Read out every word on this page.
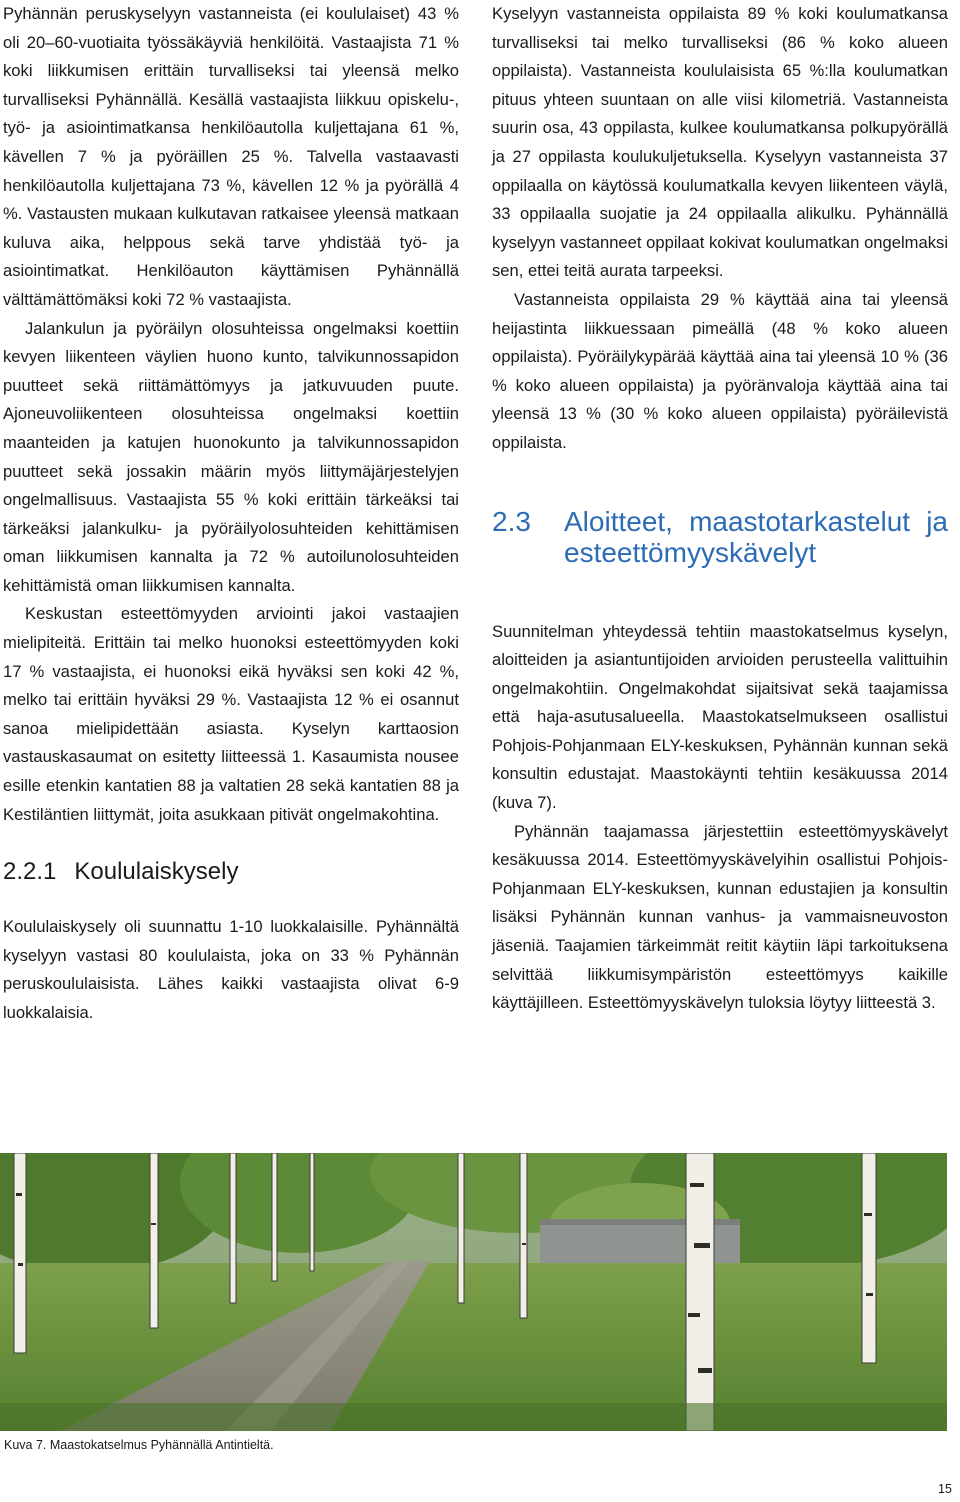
Pyhännän peruskyselyyn vastanneista (ei koululaiset) 43 % oli 20–60-vuotiaita työssäkäyviä henkilöitä. Vastaajista 71 % koki liikkumisen erittäin turvalliseksi tai yleensä melko turvalliseksi Pyhännällä. Kesällä vastaajista liikkuu opiskelu-, työ- ja asiointimatkansa henkilöautolla kuljettajana 61 %, kävellen 7 % ja pyöräillen 25 %. Talvella vastaavasti henkilöautolla kuljettajana 73 %, kävellen 12 % ja pyörällä 4 %. Vastausten mukaan kulkutavan ratkaisee yleensä matkaan kuluva aika, helppous sekä tarve yhdistää työ- ja asiointimatkat. Henkilöauton käyttämisen Pyhännällä välttämättömäksi koki 72 % vastaajista.

Jalankulun ja pyöräilyn olosuhteissa ongelmaksi koettiin kevyen liikenteen väylien huono kunto, talvikunnossapidon puutteet sekä riittämättömyys ja jatkuvuuden puute. Ajoneuvoliikenteen olosuhteissa ongelmaksi koettiin maanteiden ja katujen huonokunto ja talvikunnossapidon puutteet sekä jossakin määrin myös liittymäjärjestelyjen ongelmallisuus. Vastaajista 55 % koki erittäin tärkeäksi tai tärkeäksi jalankulku- ja pyöräilyolosuhteiden kehittämisen oman liikkumisen kannalta ja 72 % autoilunolosuhteiden kehittämistä oman liikkumisen kannalta.

Keskustan esteettömyyden arviointi jakoi vastaajien mielipiteitä. Erittäin tai melko huonoksi esteettömyyden koki 17 % vastaajista, ei huonoksi eikä hyväksi sen koki 42 %, melko tai erittäin hyväksi 29 %. Vastaajista 12 % ei osannut sanoa mielipidettään asiasta. Kyselyn karttaosion vastauskasaumat on esitetty liitteessä 1. Kasaumista nousee esille etenkin kantatien 88 ja valtatien 28 sekä kantatien 88 ja Kestiläntien liittymät, joita asukkaan pitivät ongelmakohtina.

2.2.1 Koululaiskysely

Koululaiskysely oli suunnattu 1-10 luokkalaisille. Pyhännältä kyselyyn vastasi 80 koululaista, joka on 33 % Pyhännän peruskoululaisista. Lähes kaikki vastaajista olivat 6-9 luokkalaisia.

Kyselyyn vastanneista oppilaista 89 % koki koulumatkansa turvalliseksi tai melko turvalliseksi (86 % koko alueen oppilaista). Vastanneista koululaisista 65 %:lla koulumatkan pituus yhteen suuntaan on alle viisi kilometriä. Vastanneista suurin osa, 43 oppilasta, kulkee koulumatkansa polkupyörällä ja 27 oppilasta koulukuljetuksella. Kyselyyn vastanneista 37 oppilaalla on käytössä koulumatkalla kevyen liikenteen väylä, 33 oppilaalla suojatie ja 24 oppilaalla alikulku. Pyhännällä kyselyyn vastanneet oppilaat kokivat koulumatkan ongelmaksi sen, ettei teitä aurata tarpeeksi.

Vastanneista oppilaista 29 % käyttää aina tai yleensä heijastinta liikkuessaan pimeällä (48 % koko alueen oppilaista). Pyöräilykypärää käyttää aina tai yleensä 10 % (36 % koko alueen oppilaista) ja pyöränvaloja käyttää aina tai yleensä 13 % (30 % koko alueen oppilaista) pyöräilevistä oppilaista.

2.3	Aloitteet, maastotarkastelut ja esteettömyyskävelyt

Suunnitelman yhteydessä tehtiin maastokatselmus kyselyn, aloitteiden ja asiantuntijoiden arvioiden perusteella valittuihin ongelmakohtiin. Ongelmakohdat sijaitsivat sekä taajamissa että haja-asutusalueella. Maastokatselmukseen osallistui Pohjois-Pohjanmaan ELY-keskuksen, Pyhännän kunnan sekä konsultin edustajat. Maastokäynti tehtiin kesäkuussa 2014 (kuva 7).

Pyhännän taajamassa järjestettiin esteettömyyskävelyt kesäkuussa 2014. Esteettömyyskävelyihin osallistui Pohjois-Pohjanmaan ELY-keskuksen, kunnan edustajien ja konsultin lisäksi Pyhännän kunnan vanhus- ja vammaisneuvoston jäseniä. Taajamien tärkeimmät reitit käytiin läpi tarkoituksena selvittää liikkumisympäristön esteettömyys kaikille käyttäjilleen. Esteettömyyskävelyn tuloksia löytyy liitteestä 3.

Kuva 7. Maastokatselmus Pyhännällä Antintieltä.
15
